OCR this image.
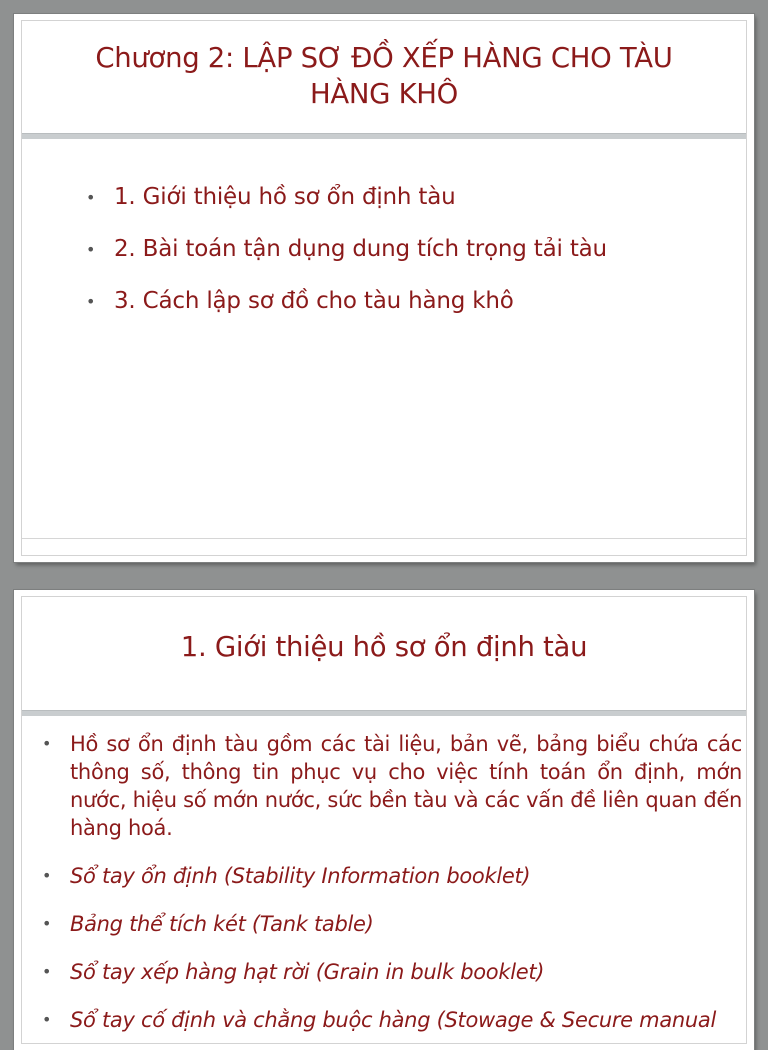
Chương 2: LẬP SƠ ĐỒ XẾP HÀNG CHO TÀU
HÀNG KHÔ
• 1. Giới thiệu hồ sơ ổn định tàu
• 2. Bài toán tận dụng dung tích trọng tải tàu
• 3. Cách lập sơ đồ cho tàu hàng khô
1. Giới thiệu hồ sơ ổn định tàu
• Hồ sơ ổn định tàu gồm các tài liệu, bản vẽ, bảng biểu chứa các thông số, thông tin phục vụ cho việc tính toán ổn định, mớn nước, hiệu số mớn nước, sức bền tàu và các vấn đề liên quan đến hàng hoá.
• Sổ tay ổn định (Stability Information booklet)
• Bảng thể tích két (Tank table)
• Sổ tay xếp hàng hạt rời (Grain in bulk booklet)
• Sổ tay cố định và chằng buộc hàng (Stowage & Secure manual
